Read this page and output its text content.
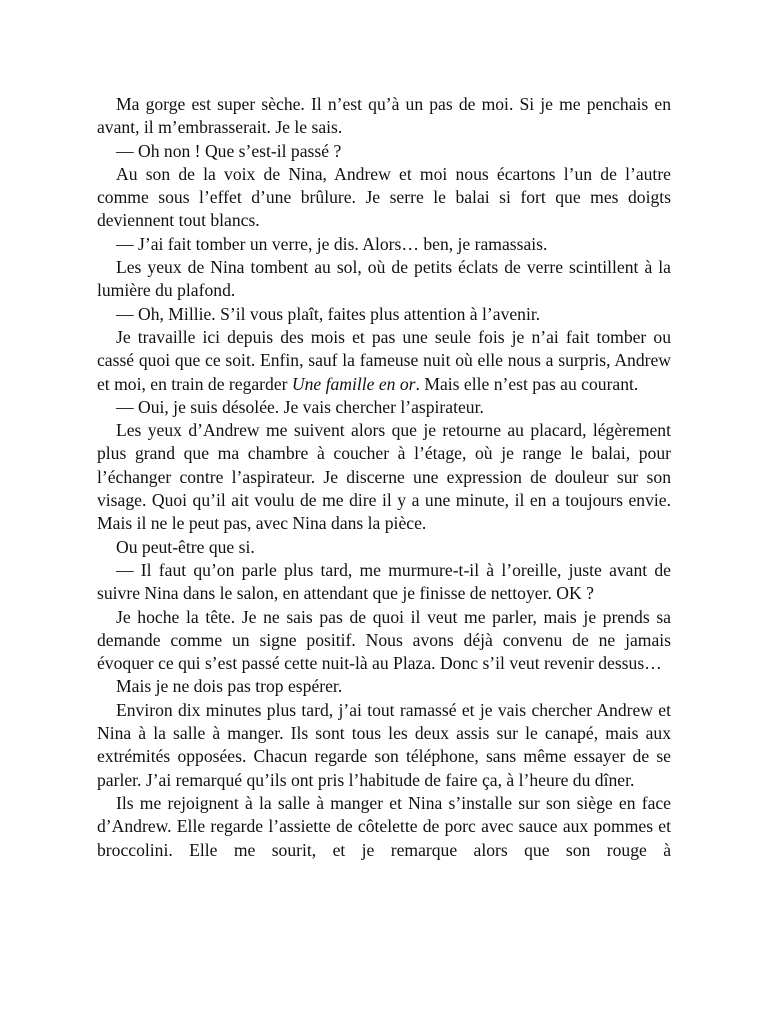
Ma gorge est super sèche. Il n’est qu’à un pas de moi. Si je me penchais en avant, il m’embrasserait. Je le sais.

— Oh non ! Que s’est-il passé ?

Au son de la voix de Nina, Andrew et moi nous écartons l’un de l’autre comme sous l’effet d’une brûlure. Je serre le balai si fort que mes doigts deviennent tout blancs.

— J’ai fait tomber un verre, je dis. Alors… ben, je ramassais.

Les yeux de Nina tombent au sol, où de petits éclats de verre scintillent à la lumière du plafond.

— Oh, Millie. S’il vous plaît, faites plus attention à l’avenir.

Je travaille ici depuis des mois et pas une seule fois je n’ai fait tomber ou cassé quoi que ce soit. Enfin, sauf la fameuse nuit où elle nous a surpris, Andrew et moi, en train de regarder Une famille en or. Mais elle n’est pas au courant.

— Oui, je suis désolée. Je vais chercher l’aspirateur.

Les yeux d’Andrew me suivent alors que je retourne au placard, légèrement plus grand que ma chambre à coucher à l’étage, où je range le balai, pour l’échanger contre l’aspirateur. Je discerne une expression de douleur sur son visage. Quoi qu’il ait voulu de me dire il y a une minute, il en a toujours envie. Mais il ne le peut pas, avec Nina dans la pièce.

Ou peut-être que si.

— Il faut qu’on parle plus tard, me murmure-t-il à l’oreille, juste avant de suivre Nina dans le salon, en attendant que je finisse de nettoyer. OK ?

Je hoche la tête. Je ne sais pas de quoi il veut me parler, mais je prends sa demande comme un signe positif. Nous avons déjà convenu de ne jamais évoquer ce qui s’est passé cette nuit-là au Plaza. Donc s’il veut revenir dessus…

Mais je ne dois pas trop espérer.

Environ dix minutes plus tard, j’ai tout ramassé et je vais chercher Andrew et Nina à la salle à manger. Ils sont tous les deux assis sur le canapé, mais aux extrémités opposées. Chacun regarde son téléphone, sans même essayer de se parler. J’ai remarqué qu’ils ont pris l’habitude de faire ça, à l’heure du dîner.

Ils me rejoignent à la salle à manger et Nina s’installe sur son siège en face d’Andrew. Elle regarde l’assiette de côtelette de porc avec sauce aux pommes et broccolini. Elle me sourit, et je remarque alors que son rouge à
